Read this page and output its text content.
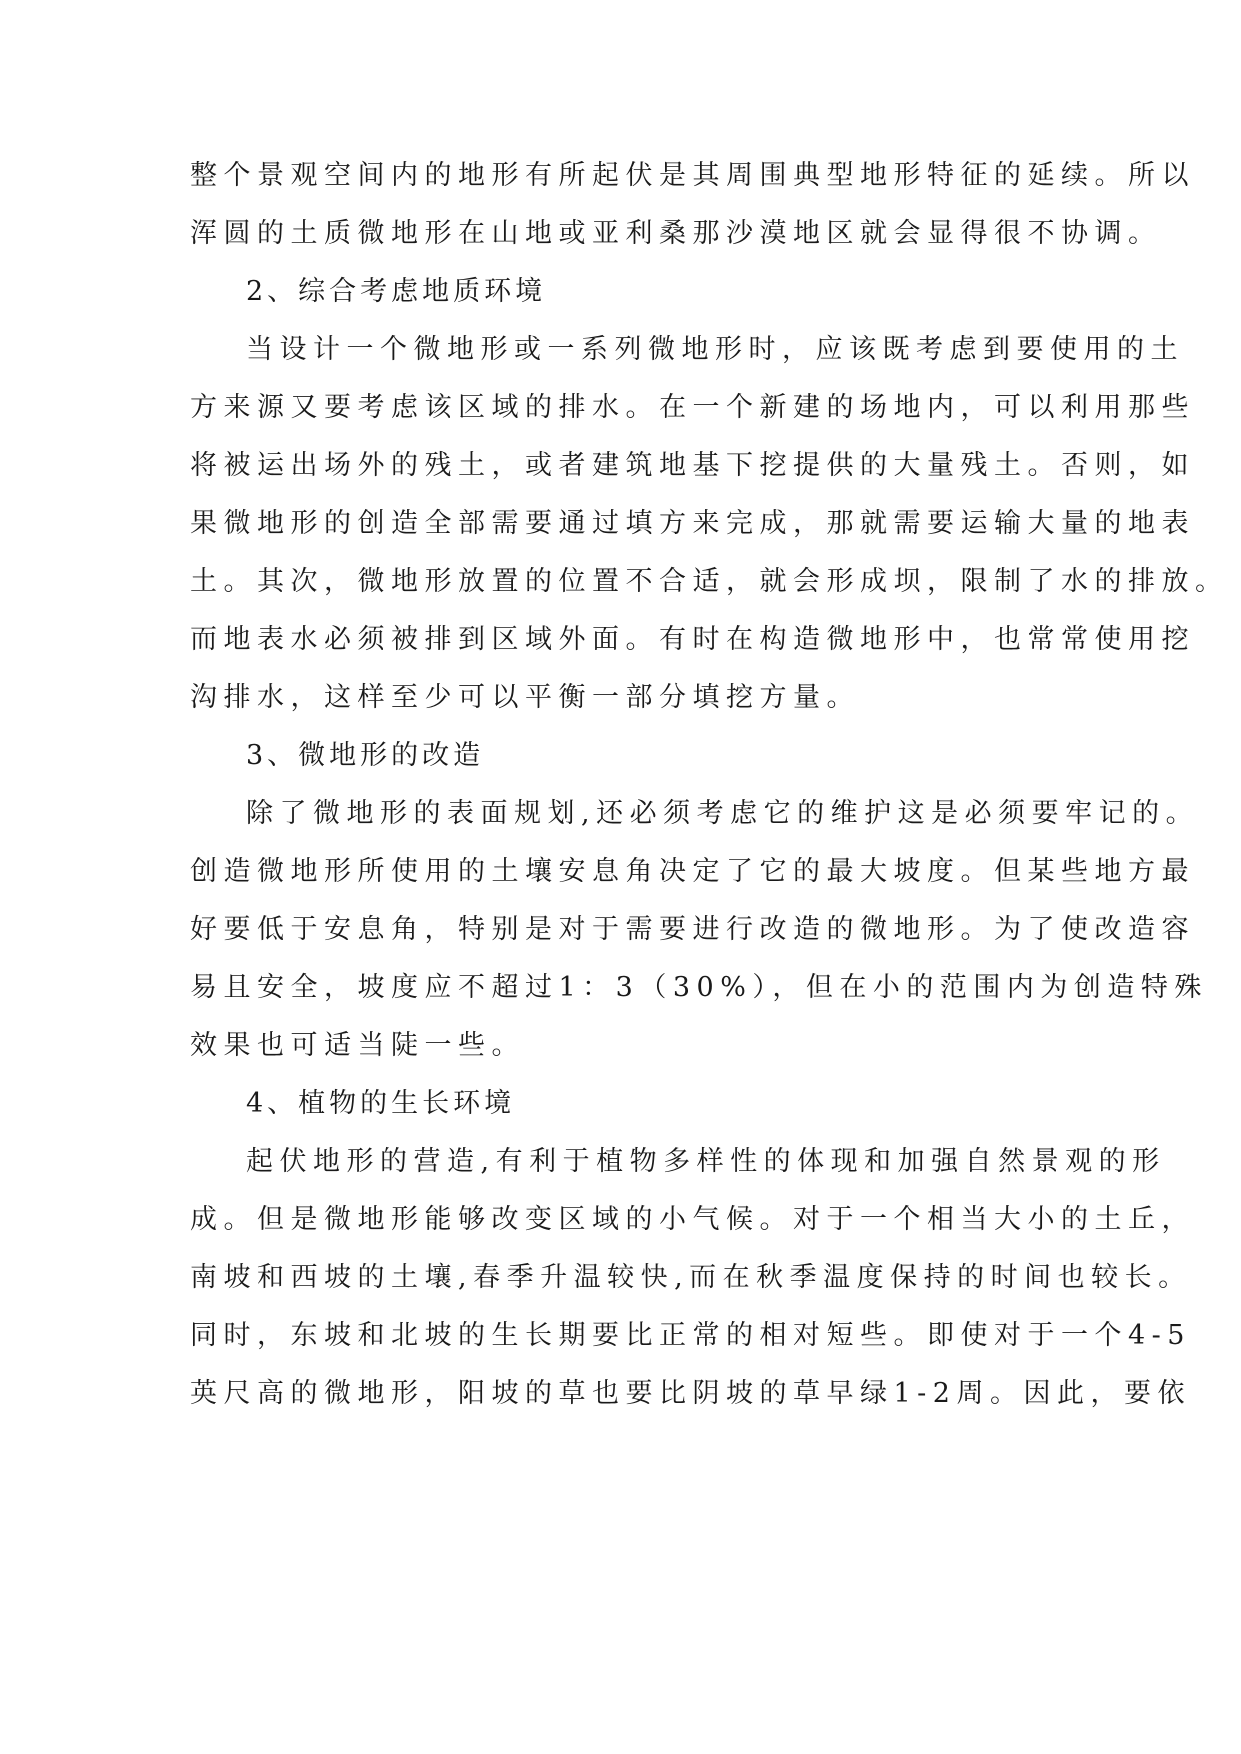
整个景观空间内的地形有所起伏是其周围典型地形特征的延续。所以
浑圆的土质微地形在山地或亚利桑那沙漠地区就会显得很不协调。
2、综合考虑地质环境
当设计一个微地形或一系列微地形时，应该既考虑到要使用的土
方来源又要考虑该区域的排水。在一个新建的场地内，可以利用那些
将被运出场外的残土，或者建筑地基下挖提供的大量残土。否则，如
果微地形的创造全部需要通过填方来完成，那就需要运输大量的地表
土。其次，微地形放置的位置不合适，就会形成坝，限制了水的排放。
而地表水必须被排到区域外面。有时在构造微地形中，也常常使用挖
沟排水，这样至少可以平衡一部分填挖方量。
3、微地形的改造
除了微地形的表面规划,还必须考虑它的维护这是必须要牢记的。
创造微地形所使用的土壤安息角决定了它的最大坡度。但某些地方最
好要低于安息角，特别是对于需要进行改造的微地形。为了使改造容
易且安全，坡度应不超过1：3（30%），但在小的范围内为创造特殊
效果也可适当陡一些。
4、植物的生长环境
起伏地形的营造,有利于植物多样性的体现和加强自然景观的形
成。但是微地形能够改变区域的小气候。对于一个相当大小的土丘，
南坡和西坡的土壤,春季升温较快,而在秋季温度保持的时间也较长。
同时，东坡和北坡的生长期要比正常的相对短些。即使对于一个4-5
英尺高的微地形，阳坡的草也要比阴坡的草早绿1-2周。因此，要依
